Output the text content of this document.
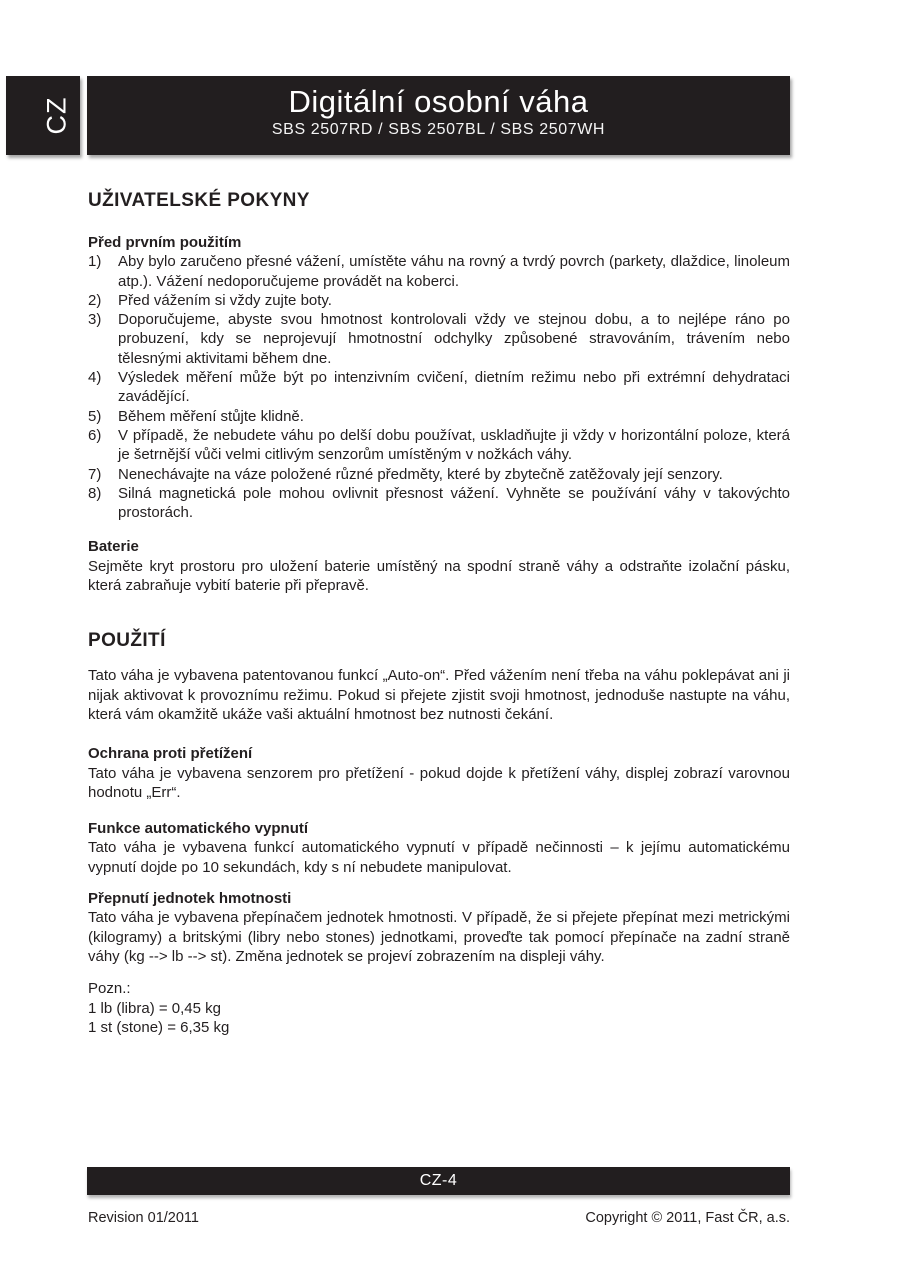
CZ	Digitální osobní váha
SBS 2507RD / SBS 2507BL / SBS 2507WH
UŽIVATELSKÉ POKYNY
Před prvním použitím
1)	Aby bylo zaručeno přesné vážení, umístěte váhu na rovný a tvrdý povrch (parkety, dlaždice, linoleum atp.). Vážení nedoporučujeme provádět na koberci.
2)	Před vážením si vždy zujte boty.
3)	Doporučujeme, abyste svou hmotnost kontrolovali vždy ve stejnou dobu, a to nejlépe ráno po probuzení, kdy se neprojevují hmotnostní odchylky způsobené stravováním, trávením nebo tělesnými aktivitami během dne.
4)	Výsledek měření může být po intenzivním cvičení, dietním režimu nebo při extrémní dehydrataci zavádějící.
5)	Během měření stůjte klidně.
6)	V případě, že nebudete váhu po delší dobu používat, uskladňujte ji vždy v horizontální poloze, která je šetrnější vůči velmi citlivým senzorům umístěným v nožkách váhy.
7)	Nenechávajte na váze položené různé předměty, které by zbytečně zatěžovaly její senzory.
8)	Silná magnetická pole mohou ovlivnit přesnost vážení. Vyhněte se používání váhy v takovýchto prostorách.
Baterie

Sejměte kryt prostoru pro uložení baterie umístěný na spodní straně váhy a odstraňte izolační pásku, která zabraňuje vybití baterie při přepravě.

POUŽITÍ

Tato váha je vybavena patentovanou funkcí „Auto-on“. Před vážením není třeba na váhu poklepávat ani ji nijak aktivovat k provoznímu režimu. Pokud si přejete zjistit svoji hmotnost, jednoduše nastupte na váhu, která vám okamžitě ukáže vaši aktuální hmotnost bez nutnosti čekání.

Ochrana proti přetížení

Tato váha je vybavena senzorem pro přetížení - pokud dojde k přetížení váhy, displej zobrazí varovnou hodnotu „Err“.

Funkce automatického vypnutí

Tato váha je vybavena funkcí automatického vypnutí v případě nečinnosti – k jejímu automatickému vypnutí dojde po 10 sekundách, kdy s ní nebudete manipulovat.

Přepnutí jednotek hmotnosti

Tato váha je vybavena přepínačem jednotek hmotnosti. V případě, že si přejete přepínat mezi metrickými (kilogramy) a britskými (libry nebo stones) jednotkami, proveďte tak pomocí přepínače na zadní straně váhy (kg --> lb --> st). Změna jednotek se projeví zobrazením na displeji váhy.

Pozn.:
1 lb (libra) = 0,45 kg
1 st (stone) = 6,35 kg
CZ-4
Revision 01/2011	Copyright © 2011, Fast ČR, a.s.
